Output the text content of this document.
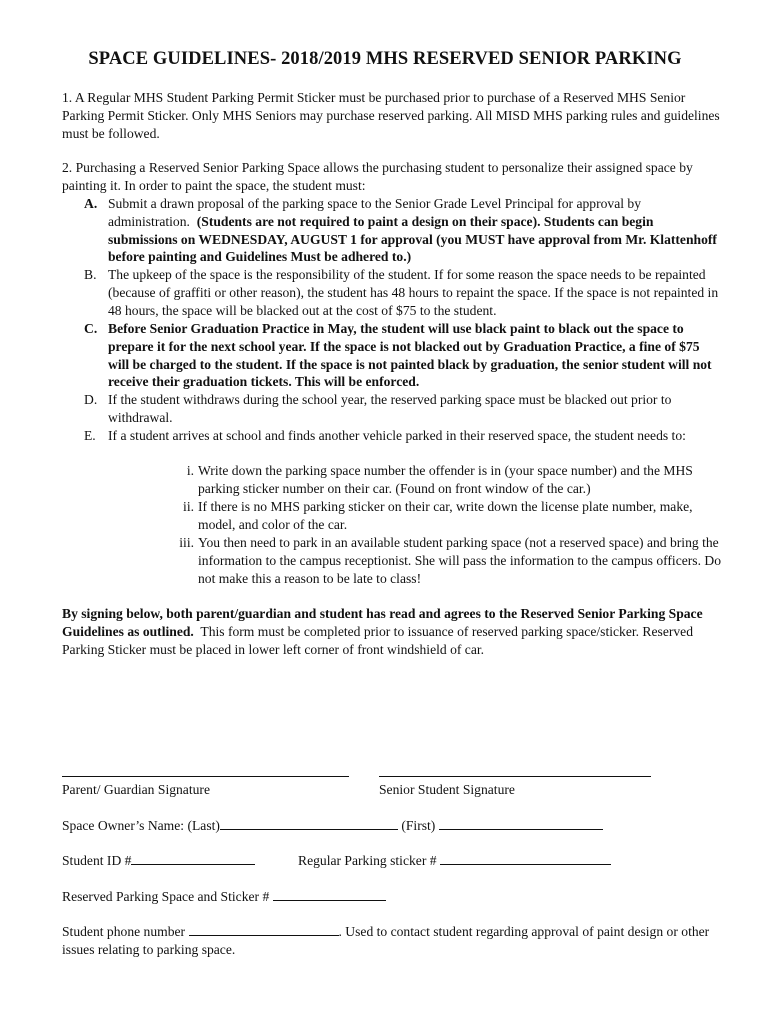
SPACE GUIDELINES- 2018/2019 MHS RESERVED SENIOR PARKING
1. A Regular MHS Student Parking Permit Sticker must be purchased prior to purchase of a Reserved MHS Senior Parking Permit Sticker. Only MHS Seniors may purchase reserved parking. All MISD MHS parking rules and guidelines must be followed.
2. Purchasing a Reserved Senior Parking Space allows the purchasing student to personalize their assigned space by painting it. In order to paint the space, the student must:
A. Submit a drawn proposal of the parking space to the Senior Grade Level Principal for approval by administration. (Students are not required to paint a design on their space). Students can begin submissions on WEDNESDAY, AUGUST 1 for approval (you MUST have approval from Mr. Klattenhoff before painting and Guidelines Must be adhered to.)
B. The upkeep of the space is the responsibility of the student. If for some reason the space needs to be repainted (because of graffiti or other reason), the student has 48 hours to repaint the space. If the space is not repainted in 48 hours, the space will be blacked out at the cost of $75 to the student.
C. Before Senior Graduation Practice in May, the student will use black paint to black out the space to prepare it for the next school year. If the space is not blacked out by Graduation Practice, a fine of $75 will be charged to the student. If the space is not painted black by graduation, the senior student will not receive their graduation tickets. This will be enforced.
D. If the student withdraws during the school year, the reserved parking space must be blacked out prior to withdrawal.
E. If a student arrives at school and finds another vehicle parked in their reserved space, the student needs to:
i. Write down the parking space number the offender is in (your space number) and the MHS parking sticker number on their car. (Found on front window of the car.)
ii. If there is no MHS parking sticker on their car, write down the license plate number, make, model, and color of the car.
iii. You then need to park in an available student parking space (not a reserved space) and bring the information to the campus receptionist. She will pass the information to the campus officers. Do not make this a reason to be late to class!
By signing below, both parent/guardian and student has read and agrees to the Reserved Senior Parking Space Guidelines as outlined. This form must be completed prior to issuance of reserved parking space/sticker. Reserved Parking Sticker must be placed in lower left corner of front windshield of car.
Parent/ Guardian Signature	Senior Student Signature
Space Owner’s Name: (Last)	(First)
Student ID #	Regular Parking sticker #
Reserved Parking Space and Sticker #
Student phone number	. Used to contact student regarding approval of paint design or other issues relating to parking space.
